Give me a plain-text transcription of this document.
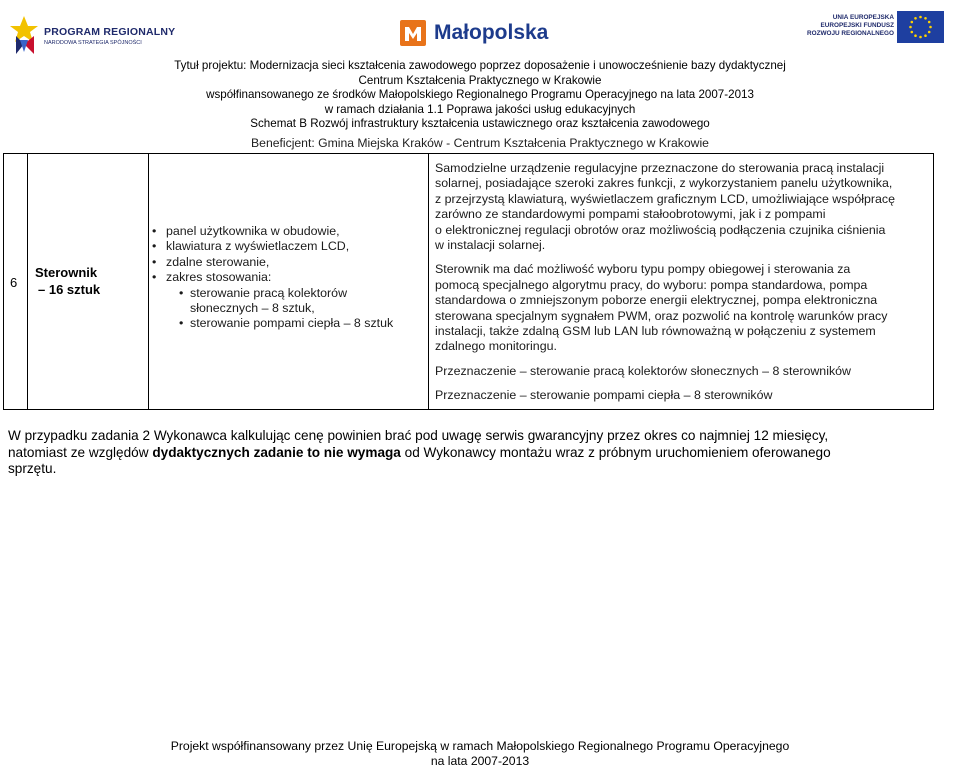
PROGRAM REGIONALNY
NARODOWA STRATEGIA SPÓJNOŚCI	Małopolska
UNIA EUROPEJSKA
EUROPEJSKI FUNDUSZ
ROZWOJU REGIONALNEGO
Tytuł projektu: Modernizacja sieci kształcenia zawodowego poprzez doposażenie i unowocześnienie bazy dydaktycznej
Centrum Kształcenia Praktycznego w Krakowie
współfinansowanego ze środków Małopolskiego Regionalnego Programu Operacyjnego na lata 2007-2013
w ramach działania 1.1 Poprawa jakości usług edukacyjnych
Schemat B Rozwój infrastruktury kształcenia ustawicznego oraz kształcenia zawodowego
Beneficjent: Gmina Miejska Kraków - Centrum Kształcenia Praktycznego w Krakowie
6
Sterownik
– 16 sztuk
• panel użytkownika w obudowie,
• klawiatura z wyświetlaczem LCD,
• zdalne sterowanie,
• zakres stosowania:
• sterowanie pracą kolektorów
słonecznych – 8 sztuk,
• sterowanie pompami ciepła – 8 sztuk
Samodzielne urządzenie regulacyjne przeznaczone do sterowania pracą instalacji
solarnej, posiadające szeroki zakres funkcji, z wykorzystaniem panelu użytkownika,
z przejrzystą klawiaturą, wyświetlaczem graficznym LCD, umożliwiające współpracę
zarówno ze standardowymi pompami stałoobrotowymi, jak i z pompami
o elektronicznej regulacji obrotów oraz możliwością podłączenia czujnika ciśnienia
w instalacji solarnej.
Sterownik ma dać możliwość wyboru typu pompy obiegowej i sterowania za
pomocą specjalnego algorytmu pracy, do wyboru: pompa standardowa, pompa
standardowa o zmniejszonym poborze energii elektrycznej, pompa elektroniczna
sterowana specjalnym sygnałem PWM, oraz pozwolić na kontrolę warunków pracy
instalacji, także zdalną GSM lub LAN lub równoważną w połączeniu z systemem
zdalnego monitoringu.
Przeznaczenie – sterowanie pracą kolektorów słonecznych – 8 sterowników
Przeznaczenie – sterowanie pompami ciepła – 8 sterowników
W przypadku zadania 2 Wykonawca kalkulując cenę powinien brać pod uwagę serwis gwarancyjny przez okres co najmniej 12 miesięcy,
natomiast ze względów dydaktycznych zadanie to nie wymaga od Wykonawcy montażu wraz z próbnym uruchomieniem oferowanego
sprzętu.
Projekt współfinansowany przez Unię Europejską w ramach Małopolskiego Regionalnego Programu Operacyjnego
na lata 2007-2013
